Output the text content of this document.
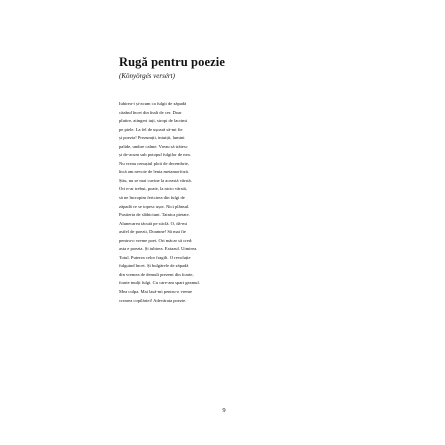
Rugă pentru poezie
(Könyörgés versért)
Iubirea-i și-acum ca fulgii de zăpadă
căzând încet din înalt de cer. Doar
plutire, atingeri iuți, stropi de lacrimi
pe piele. La fel de ușoară să-mi fie
și poezia! Prezumții, intuiții, lumini
palide, umbre calme. Vreau să trăiesc
și de-acum sub potopul fulgilor de nea.
Nu vreau cenușiul ploii de decembrie,
încă am nevoie de lenta metamorfoză.
Știu, nu se mai cuvine la această vârstă.
Ori n-ar trebui, poate, la nicio vârstă,
să ne încropim fericirea din fulgi de
zăpadă ce se topesc ușor. Nici plânsul.
Pustieria de slăbiciuni. Tainica pietate.
Alunecarea tăcută pe sticlă. O, dă-mi
astfel de poezii, Doamne! Să mai fie
pentru-o vreme poet. Ori măcar să cred:
asta e poezia. Și iubirea. Extazul. Uimirea.
Totul. Puterea celor fragili. O revoluție
fulguind încet. Și bulgărele de zăpadă
din vremea de demult prezent din foarte,
foarte mulți fulgi. Cu care-am spart geamul.
Mea culpa. Mai lasă-mi pentru-o vreme
crearea copilăriei! Adevărata poezie.
9
